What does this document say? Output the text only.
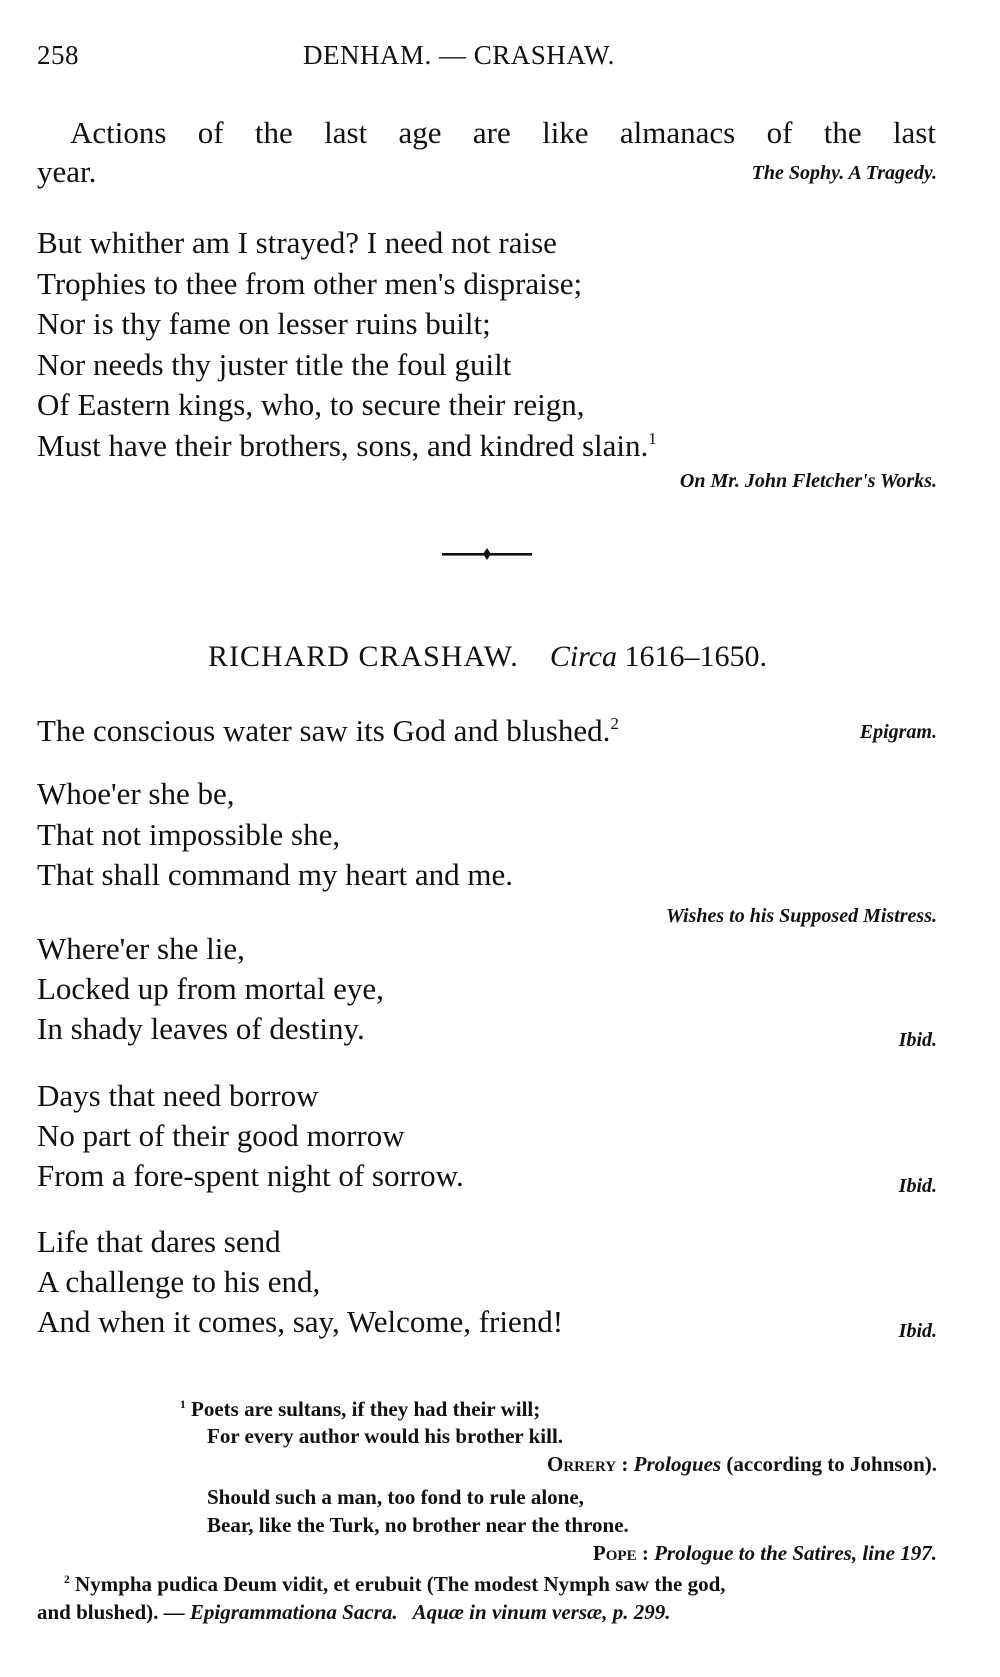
258	DENHAM. — CRASHAW.
Actions of the last age are like almanacs of the last
year.	The Sophy. A Tragedy.
But whither am I strayed? I need not raise
Trophies to thee from other men's dispraise;
Nor is thy fame on lesser ruins built;
Nor needs thy juster title the foul guilt
Of Eastern kings, who, to secure their reign,
Must have their brothers, sons, and kindred slain.$^1$
On Mr. John Fletcher's Works.
RICHARD CRASHAW. Circa 1616–1650.
The conscious water saw its God and blushed.$^2$	Epigram.
Whoe'er she be,
That not impossible she,
That shall command my heart and me.
Wishes to his Supposed Mistress.
Where'er she lie,
Locked up from mortal eye,
In shady leaves of destiny.	Ibid.
Days that need borrow
No part of their good morrow
From a fore-spent night of sorrow.	Ibid.
Life that dares send
A challenge to his end,
And when it comes, say, Welcome, friend!	Ibid.
$^1$ Poets are sultans, if they had their will;
For every author would his brother kill.
Orrery : Prologues (according to Johnson).
Should such a man, too fond to rule alone,
Bear, like the Turk, no brother near the throne.
Pope : Prologue to the Satires, line 197.
$^2$ Nympha pudica Deum vidit, et erubuit (The modest Nymph saw the god,
and blushed). — Epigrammationa Sacra.   Aquæ in vinum versæ, p. 299.
